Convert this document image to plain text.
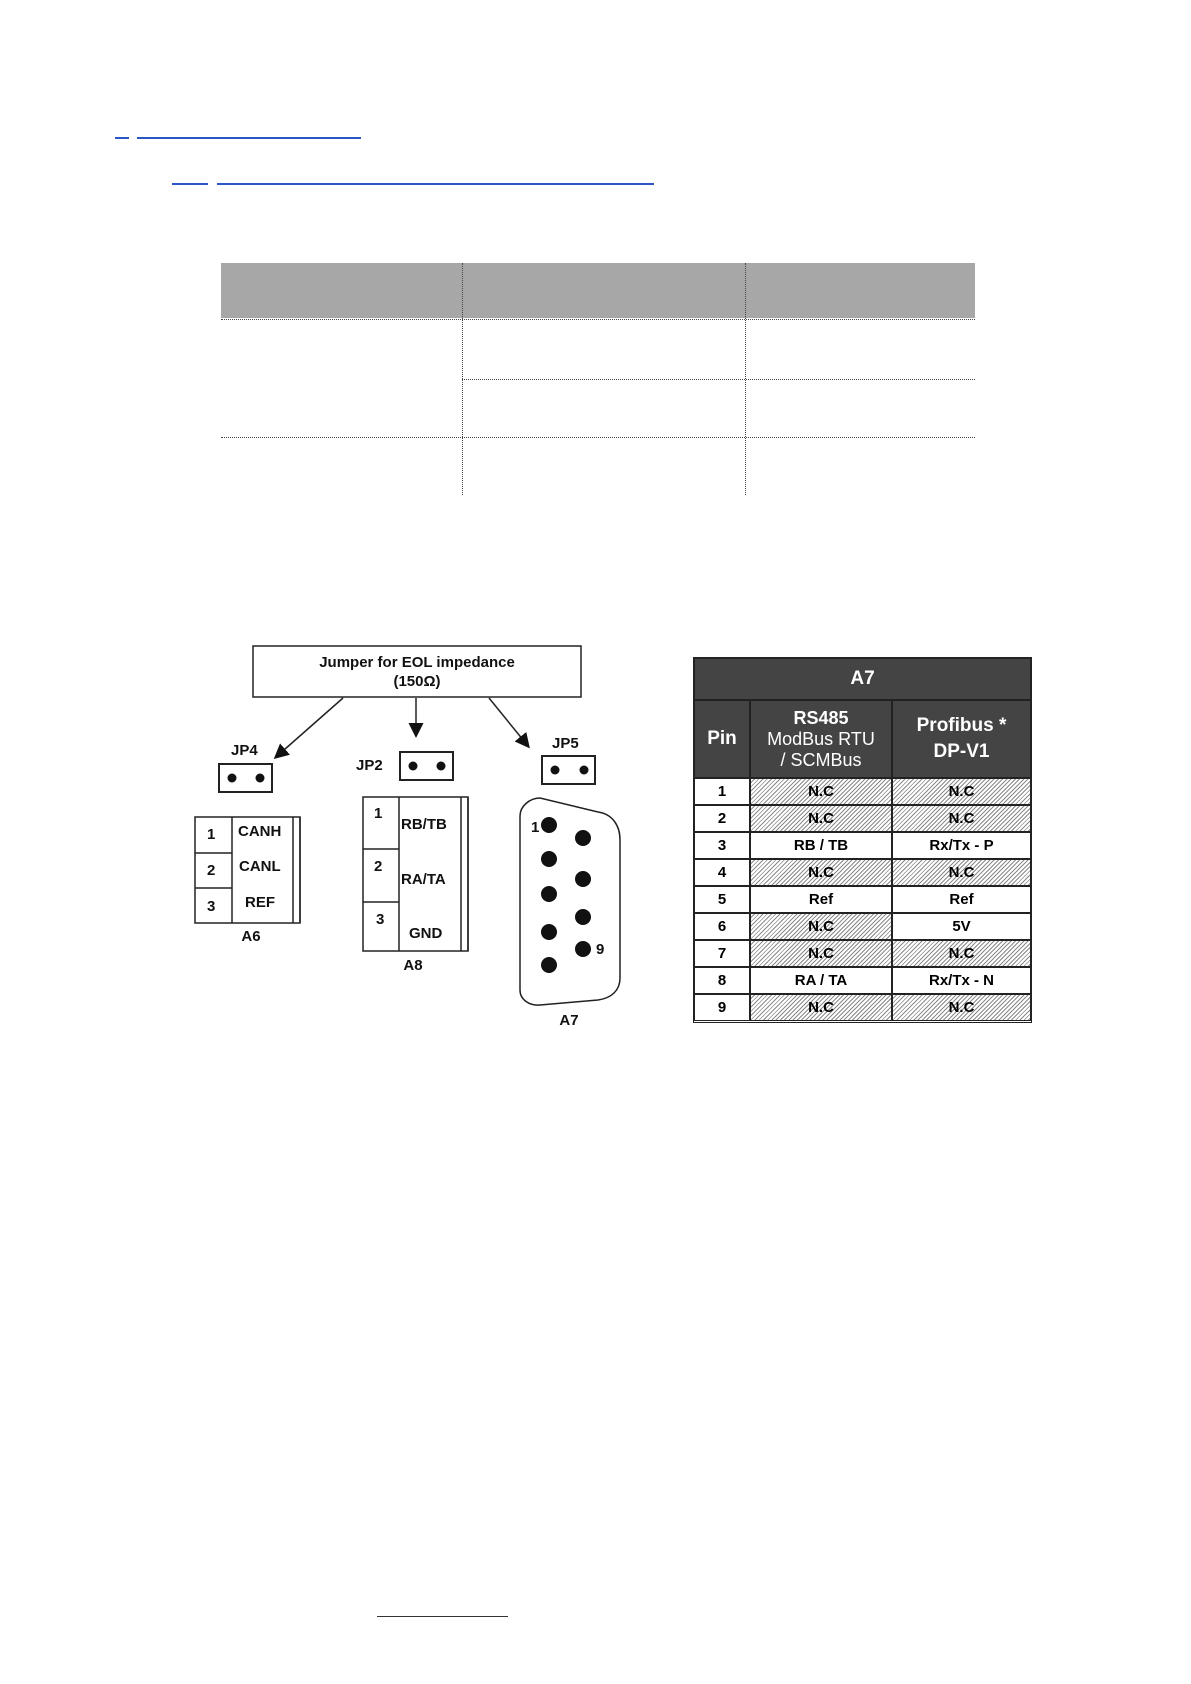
Jumper for EOL impedance
(150Ω)
JP4
JP2
JP5
1
2
3
CANH
CANL
REF
A6
1
2
3
RB/TB
RA/TA
GND
A8
1
9
A7
A7
Pin
RS485
ModBus RTU
/ SCMBus
Profibus *
DP-V1
1	N.C	N.C
2	N.C	N.C
3	RB / TB	Rx/Tx - P
4	N.C	N.C
5	Ref	Ref
6	N.C	5V
7	N.C	N.C
8	RA / TA	Rx/Tx - N
9	N.C	N.C
